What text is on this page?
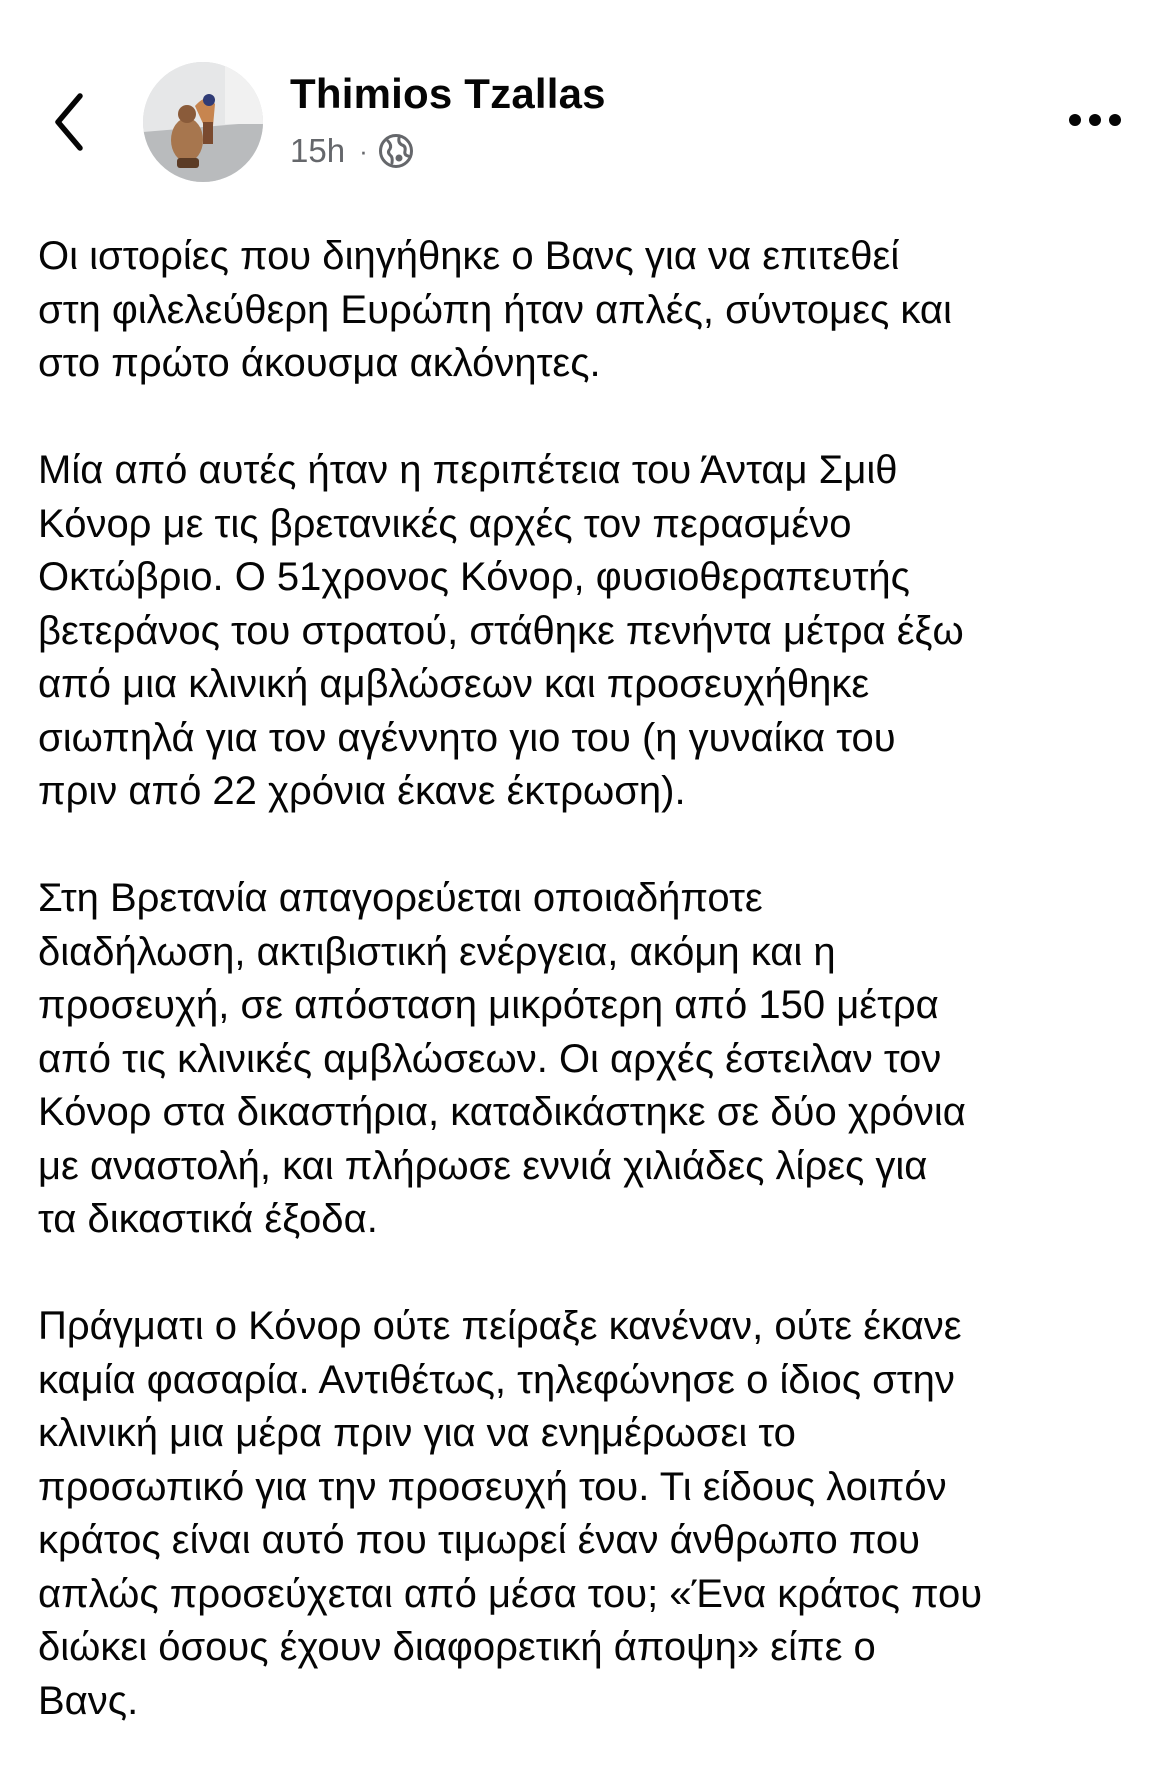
Thimios Tzallas
15h ·

Οι ιστορίες που διηγήθηκε ο Βανς για να επιτεθεί
στη φιλελεύθερη Ευρώπη ήταν απλές, σύντομες και
στο πρώτο άκουσμα ακλόνητες.

Μία από αυτές ήταν η περιπέτεια του Άνταμ Σμιθ
Κόνορ με τις βρετανικές αρχές τον περασμένο
Οκτώβριο. Ο 51χρονος Κόνορ, φυσιοθεραπευτής
βετεράνος του στρατού, στάθηκε πενήντα μέτρα έξω
από μια κλινική αμβλώσεων και προσευχήθηκε
σιωπηλά για τον αγέννητο γιο του (η γυναίκα του
πριν από 22 χρόνια έκανε έκτρωση).

Στη Βρετανία απαγορεύεται οποιαδήποτε
διαδήλωση, ακτιβιστική ενέργεια, ακόμη και η
προσευχή, σε απόσταση μικρότερη από 150 μέτρα
από τις κλινικές αμβλώσεων. Οι αρχές έστειλαν τον
Κόνορ στα δικαστήρια, καταδικάστηκε σε δύο χρόνια
με αναστολή, και πλήρωσε εννιά χιλιάδες λίρες για
τα δικαστικά έξοδα.

Πράγματι ο Κόνορ ούτε πείραξε κανέναν, ούτε έκανε
καμία φασαρία. Αντιθέτως, τηλεφώνησε ο ίδιος στην
κλινική μια μέρα πριν για να ενημέρωσει το
προσωπικό για την προσευχή του. Τι είδους λοιπόν
κράτος είναι αυτό που τιμωρεί έναν άνθρωπο που
απλώς προσεύχεται από μέσα του; «Ένα κράτος που
διώκει όσους έχουν διαφορετική άποψη» είπε ο
Βανς.
